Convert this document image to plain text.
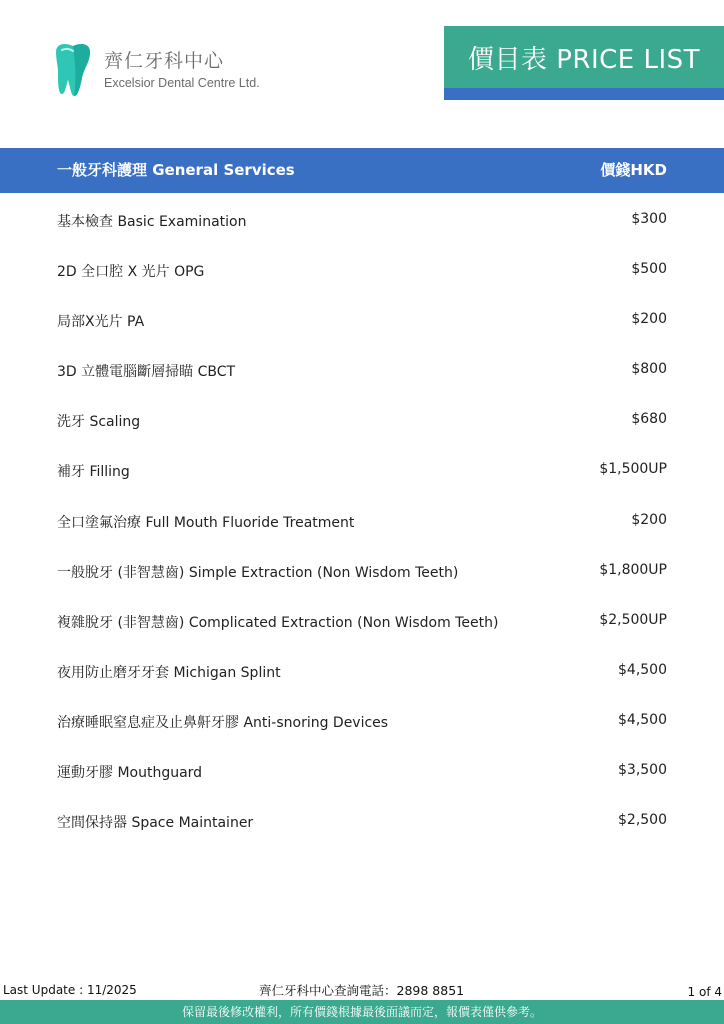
齊仁牙科中心
Excelsior Dental Centre Ltd.
價目表 PRICE LIST
一般牙科護理 General Services	價錢HKD
基本檢查 Basic Examination	$300
2D 全口腔 X 光片 OPG	$500
局部X光片 PA	$200
3D 立體電腦斷層掃瞄 CBCT	$800
洗牙 Scaling	$680
補牙 Filling	$1,500UP
全口塗氟治療 Full Mouth Fluoride Treatment	$200
一般脫牙 (非智慧齒) Simple Extraction (Non Wisdom Teeth)	$1,800UP
複雜脫牙 (非智慧齒) Complicated Extraction (Non Wisdom Teeth)	$2,500UP
夜用防止磨牙牙套 Michigan Splint	$4,500
治療睡眠窒息症及止鼻鼾牙膠 Anti-snoring Devices	$4,500
運動牙膠 Mouthguard	$3,500
空間保持器 Space Maintainer	$2,500
Last Update : 11/2025	齊仁牙科中心查詢電話：2898 8851	1 of 4
保留最後修改權利，所有價錢根據最後面議而定，報價表僅供參考。
